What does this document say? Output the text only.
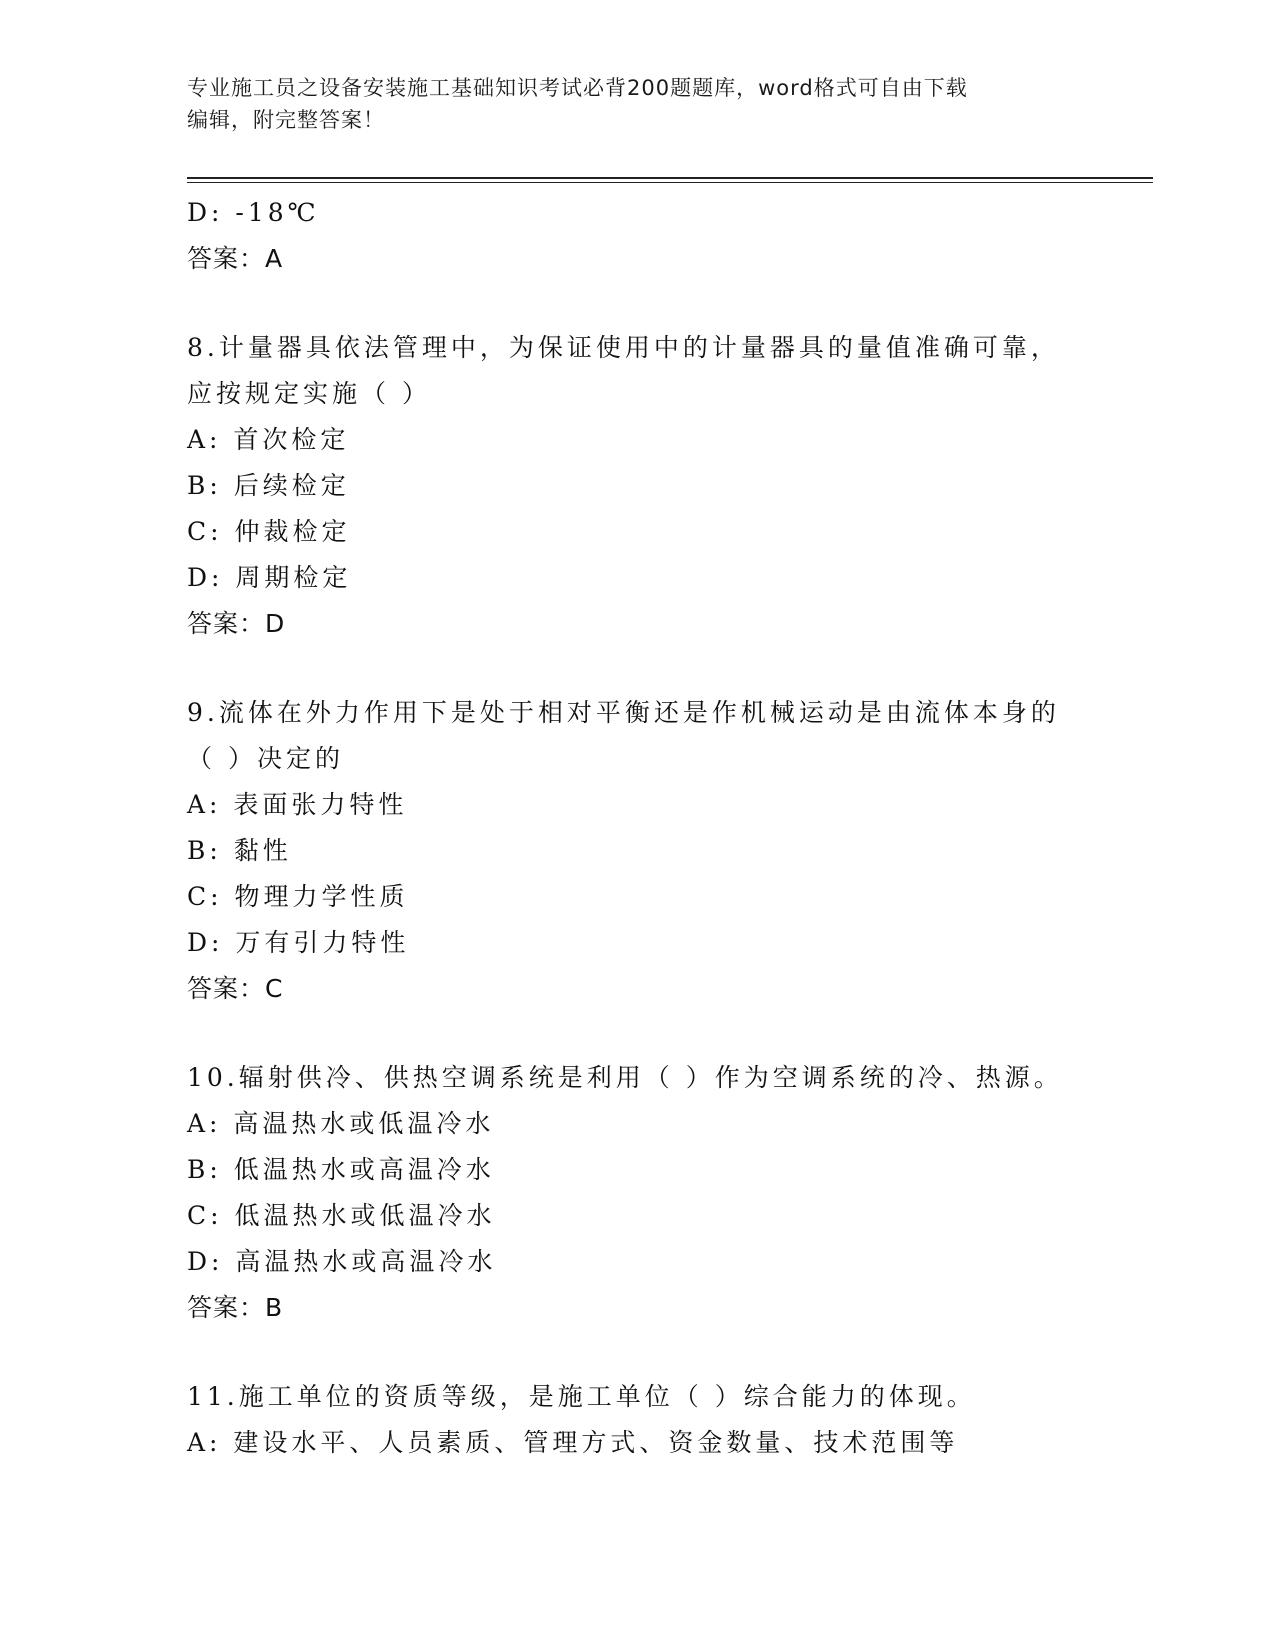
专业施工员之设备安装施工基础知识考试必背200题题库，word格式可自由下载
编辑，附完整答案！
D: -18℃
答案：A
8.计量器具依法管理中，为保证使用中的计量器具的量值准确可靠，
应按规定实施（ ）
A: 首次检定
B: 后续检定
C: 仲裁检定
D: 周期检定
答案：D
9.流体在外力作用下是处于相对平衡还是作机械运动是由流体本身的
（ ）决定的
A: 表面张力特性
B: 黏性
C: 物理力学性质
D: 万有引力特性
答案：C
10.辐射供冷、供热空调系统是利用（ ）作为空调系统的冷、热源。
A: 高温热水或低温冷水
B: 低温热水或高温冷水
C: 低温热水或低温冷水
D: 高温热水或高温冷水
答案：B
11.施工单位的资质等级，是施工单位（ ）综合能力的体现。
A: 建设水平、人员素质、管理方式、资金数量、技术范围等
